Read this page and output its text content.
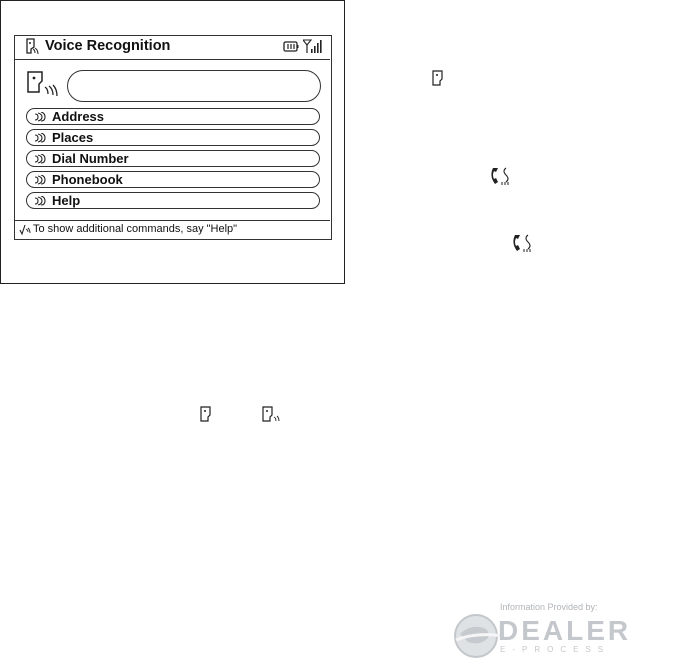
Voice Recognition
Address
Places
Dial Number
Phonebook
Help
To show additional commands, say "Help"
Information Provided by:
DEALER
E-PROCESS
